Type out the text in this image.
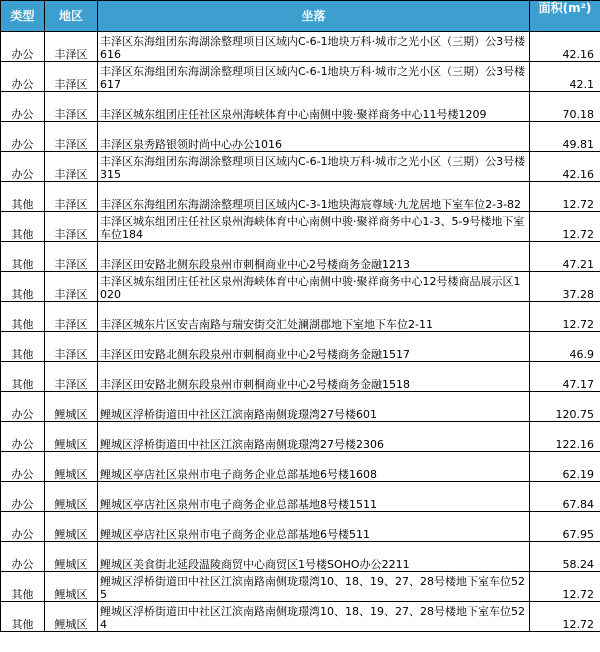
类型	地区	坐落	面积(m²)
办公	丰泽区	丰泽区东海组团东海湖涂整理项目区域内C-6-1地块万科·城市之光小区（三期）公3号楼616	42.16
办公	丰泽区	丰泽区东海组团东海湖涂整理项目区域内C-6-1地块万科·城市之光小区（三期）公3号楼617	42.1
办公	丰泽区	丰泽区城东组团庄任社区泉州海峡体育中心南侧中骏·聚祥商务中心11号楼1209	70.18
办公	丰泽区	丰泽区泉秀路银领时尚中心办公1016	49.81
办公	丰泽区	丰泽区东海组团东海湖涂整理项目区域内C-6-1地块万科·城市之光小区（三期）公3号楼315	42.16
其他	丰泽区	丰泽区东海组团东海湖涂整理项目区域内C-3-1地块海宸尊域·九龙居地下室车位2-3-82	12.72
其他	丰泽区	丰泽区城东组团庄任社区泉州海峡体育中心南侧中骏·聚祥商务中心1-3、5-9号楼地下室车位184	12.72
其他	丰泽区	丰泽区田安路北侧东段泉州市刺桐商业中心2号楼商务金融1213	47.21
其他	丰泽区	丰泽区城东组团庄任社区泉州海峡体育中心南侧中骏·聚祥商务中心12号楼商品展示区1020	37.28
其他	丰泽区	丰泽区城东片区安吉南路与瑞安街交汇处澜湖郡地下室地下车位2-11	12.72
其他	丰泽区	丰泽区田安路北侧东段泉州市刺桐商业中心2号楼商务金融1517	46.9
其他	丰泽区	丰泽区田安路北侧东段泉州市刺桐商业中心2号楼商务金融1518	47.17
办公	鲤城区	鲤城区浮桥街道田中社区江滨南路南侧珑璟湾27号楼601	120.75
办公	鲤城区	鲤城区浮桥街道田中社区江滨南路南侧珑璟湾27号楼2306	122.16
办公	鲤城区	鲤城区亭店社区泉州市电子商务企业总部基地6号楼1608	62.19
办公	鲤城区	鲤城区亭店社区泉州市电子商务企业总部基地8号楼1511	67.84
办公	鲤城区	鲤城区亭店社区泉州市电子商务企业总部基地6号楼511	67.95
办公	鲤城区	鲤城区美食街北延段温陵商贸中心商贸区1号楼SOHO办公2211	58.24
其他	鲤城区	鲤城区浮桥街道田中社区江滨南路南侧珑璟湾10、18、19、27、28号楼地下室车位525	12.72
其他	鲤城区	鲤城区浮桥街道田中社区江滨南路南侧珑璟湾10、18、19、27、28号楼地下室车位524	12.72
